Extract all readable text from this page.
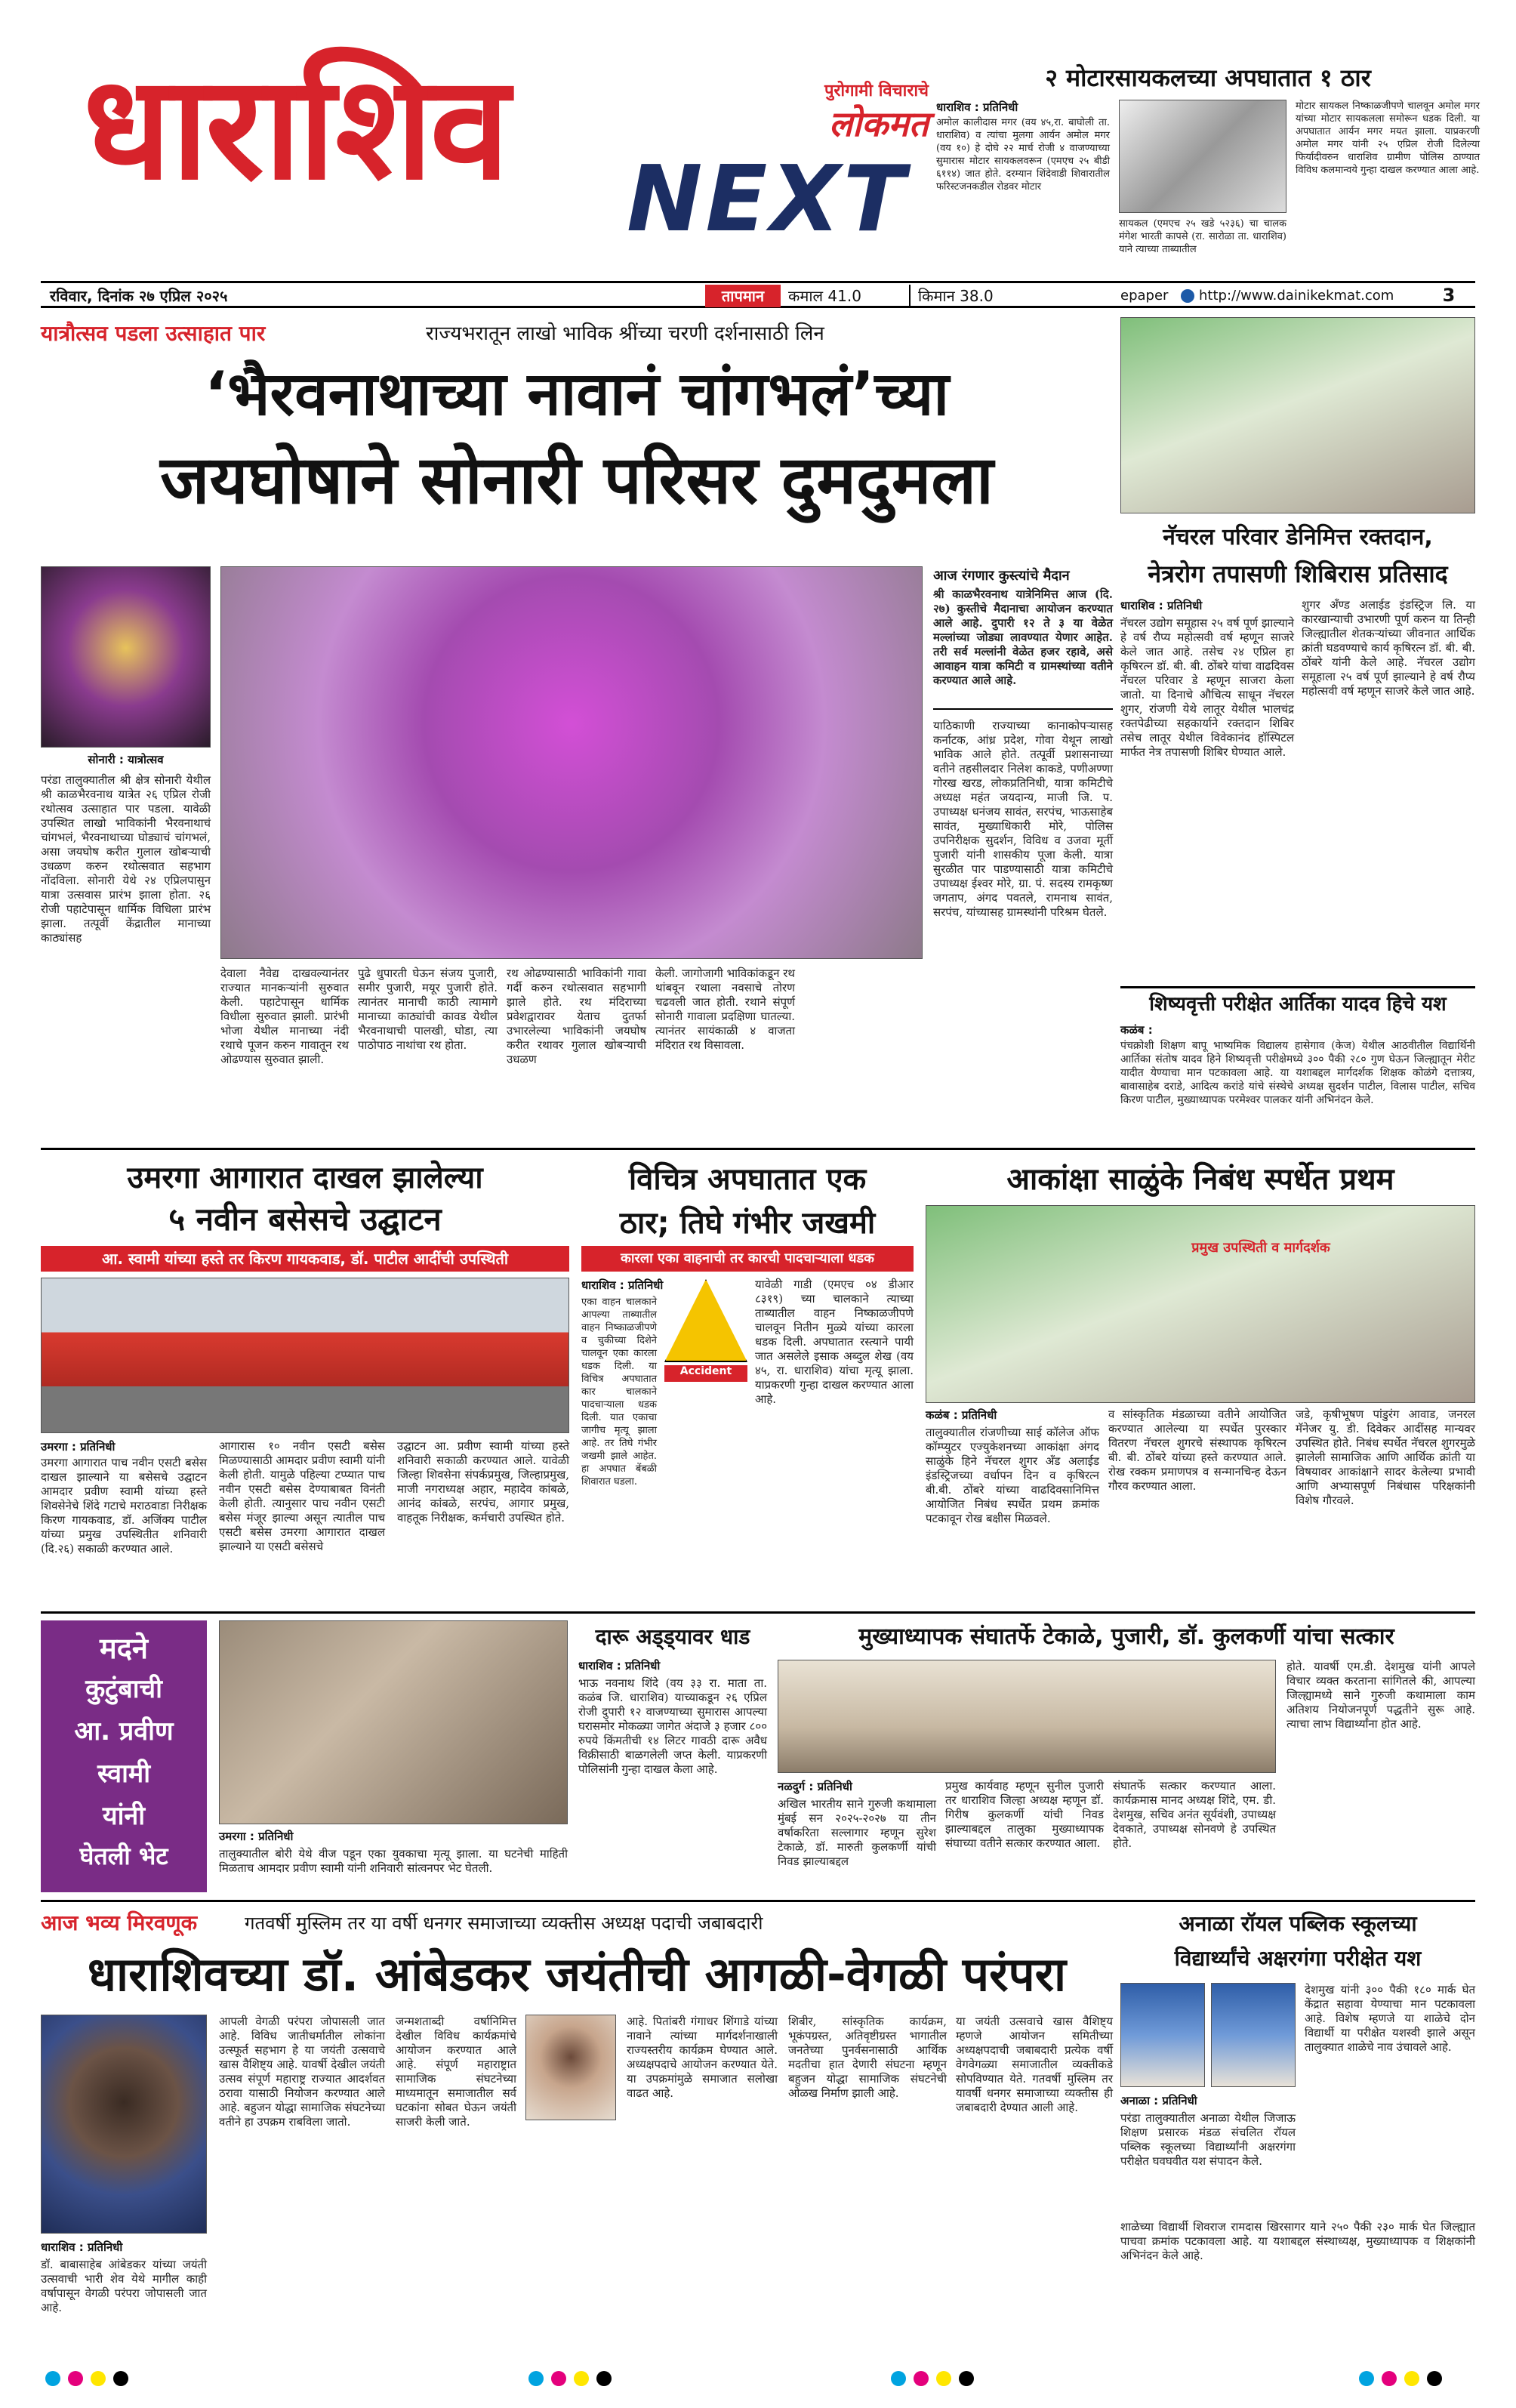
धाराशिव	पुरोगामी विचाराचे
लोकमत
NEXT
रविवार, दिनांक २७ एप्रिल २०२५	तापमान	कमाल 41.0	किमान 38.0	epaper	http://www.dainikekmat.com	3
२ मोटारसायकलच्या अपघातात १ ठार
धाराशिव : प्रतिनिधी
अमोल कालीदास मगर (वय ४५,रा. बाघोली ता. धाराशिव) व त्यांचा मुलगा आर्यन अमोल मगर (वय १०) हे दोघे २२ मार्च रोजी ४ वाजण्याच्या सुमारास मोटार सायकलवरून (एमएच २५ बीडी ६११४) जात होते. दरम्यान शिंदेवाडी शिवारातील फरिस्टजनकडील रोडवर मोटार
सायकल (एमएच २५ खडे ५२३६) चा चालक मंगेश भारती कापसे (रा. सारोळा ता. धाराशिव) याने त्याच्या ताब्यातील
मोटार सायकल निष्काळजीपणे चालवून अमोल मगर यांच्या मोटार सायकलला समोरून धडक दिली. या अपघातात आर्यन मगर मयत झाला. याप्रकरणी अमोल मगर यांनी २५ एप्रिल रोजी दिलेल्या फिर्यादीवरुन धाराशिव ग्रामीण पोलिस ठाण्यात विविध कलमान्वये गुन्हा दाखल करण्यात आला आहे.
यात्रौत्सव पडला उत्साहात पार	राज्यभरातून लाखो भाविक श्रींच्या चरणी दर्शनासाठी लिन
‘भैरवनाथाच्या नावानं चांगभलं’च्या
जयघोषाने सोनारी परिसर दुमदुमला
सोनारी : यात्रोत्सव
परंडा तालुक्यातील श्री क्षेत्र सोनारी येथील श्री काळभैरवनाथ यात्रेत २६ एप्रिल रोजी रथोत्सव उत्साहात पार पडला. यावेळी उपस्थित लाखो भाविकांनी भैरवनाथाचं चांगभलं, भैरवनाथाच्या घोड्याचं चांगभलं, असा जयघोष करीत गुलाल खोबऱ्याची उधळण करुन रथोत्सवात सहभाग नोंदविला. सोनारी येथे २४ एप्रिलपासुन यात्रा उत्सवास प्रारंभ झाला होता. २६ रोजी पहाटेपासून धार्मिक विधिला प्रारंभ झाला. तत्पूर्वी केंद्रातील मानाच्या काठ्यांसह
देवाला नैवेद्य दाखवल्यानंतर राज्यात मानकऱ्यांनी सुरुवात केली. पहाटेपासून धार्मिक विधीला सुरुवात झाली. प्रारंभी भोजा येथील मानाच्या नंदी रथाचे पूजन करुन गावातून रथ ओढण्यास सुरुवात झाली.
पुढे धुपारती घेऊन संजय पुजारी, समीर पुजारी, मयूर पुजारी होते. त्यानंतर मानाची काठी त्यामागे मानाच्या काठ्यांची कावड येथील भैरवनाथाची पालखी, घोडा, त्या पाठोपाठ नाथांचा रथ होता.
रथ ओढण्यासाठी भाविकांनी गावा गर्दी करुन रथोत्सवात सहभागी झाले होते. रथ मंदिराच्या प्रवेशद्वारावर येताच दुतर्फा उभारलेल्या भाविकांनी जयघोष करीत रथावर गुलाल खोबऱ्याची उधळण
केली. जागोजागी भाविकांकडून रथ थांबवून रथाला नवसाचे तोरण चढवली जात होती. रथाने संपूर्ण सोनारी गावाला प्रदक्षिणा घातल्या. त्यानंतर सायंकाळी ४ वाजता मंदिरात रथ विसावला.
आज रंगणार कुस्त्यांचे मैदान
श्री काळभैरवनाथ यात्रेनिमित्त आज (दि. २७) कुस्तीचे मैदानाचा आयोजन करण्यात आले आहे. दुपारी १२ ते ३ या वेळेत मल्लांच्या जोड्या लावण्यात येणार आहेत. तरी सर्व मल्लांनी वेळेत हजर रहावे, असे आवाहन यात्रा कमिटी व ग्रामस्थांच्या वतीने करण्यात आले आहे.
याठिकाणी राज्याच्या कानाकोपऱ्यासह कर्नाटक, आंध्र प्रदेश, गोवा येथून लाखो भाविक आले होते. तत्पूर्वी प्रशासनाच्या वतीने तहसीलदार निलेश काकडे, पणीअण्णा गोरख खरड, लोकप्रतिनिधी, यात्रा कमिटीचे अध्यक्ष महंत जयदान्य, माजी जि. प. उपाध्यक्ष धनंजय सावंत, सरपंच, भाऊसाहेब सावंत, मुख्याधिकारी मोरे, पोलिस उपनिरीक्षक सुदर्शन, विविध व उजवा मूर्ती पुजारी यांनी शासकीय पूजा केली. यात्रा सुरळीत पार पाडण्यासाठी यात्रा कमिटीचे उपाध्यक्ष ईश्वर मोरे, ग्रा. पं. सदस्य रामकृष्ण जगताप, अंगद पवतले, रामनाथ सावंत, सरपंच, यांच्यासह ग्रामस्थांनी परिश्रम घेतले.
नॅचरल परिवार डेनिमित्त रक्तदान,
नेत्ररोग तपासणी शिबिरास प्रतिसाद
धाराशिव : प्रतिनिधी
नॅचरल उद्योग समूहास २५ वर्ष पूर्ण झाल्याने हे वर्ष रौप्य महोत्सवी वर्ष म्हणून साजरे केले जात आहे. तसेच २४ एप्रिल हा कृषिरत्न डॉ. बी. बी. ठोंबरे यांचा वाढदिवस नॅचरल परिवार डे म्हणून साजरा केला जातो. या दिनाचे औचित्य साधून नॅचरल शुगर, रांजणी येथे लातूर येथील भालचंद्र रक्तपेढीच्या सहकार्याने रक्तदान शिबिर तसेच लातूर येथील विवेकानंद हॉस्पिटल मार्फत नेत्र तपासणी शिबिर घेण्यात आले.
शुगर अँण्ड अलाईड इंडस्ट्रिज लि. या कारखान्याची उभारणी पूर्ण करुन या तिन्ही जिल्ह्यातील शेतकऱ्यांच्या जीवनात आर्थिक क्रांती घडवण्याचे कार्य कृषिरत्न डॉ. बी. बी. ठोंबरे यांनी केले आहे. नॅचरल उद्योग समूहाला २५ वर्ष पूर्ण झाल्याने हे वर्ष रौप्य महोत्सवी वर्ष म्हणून साजरे केले जात आहे.
शिष्यवृत्ती परीक्षेत आर्तिका यादव हिचे यश
कळंब :
पंचक्रोशी शिक्षण बापू भाष्यमिक विद्यालय हासेगाव (केज) येथील आठवीतील विद्यार्थिनी आर्तिका संतोष यादव हिने शिष्यवृत्ती परीक्षेमध्ये ३०० पैकी २८० गुण घेऊन जिल्ह्यातून मेरीट यादीत येण्याचा मान पटकावला आहे. या यशाबद्दल मार्गदर्शक शिक्षक कोळंगे दत्तात्रय, बावासाहेब दराडे, आदित्य करांडे यांचे संस्थेचे अध्यक्ष सुदर्शन पाटील, विलास पाटील, सचिव किरण पाटील, मुख्याध्यापक परमेश्वर पालकर यांनी अभिनंदन केले.
उमरगा आगारात दाखल झालेल्या
५ नवीन बसेसचे उद्घाटन
आ. स्वामी यांच्या हस्ते तर किरण गायकवाड, डॉ. पाटील आदींची उपस्थिती
उमरगा : प्रतिनिधी
उमरगा आगारात पाच नवीन एसटी बसेस दाखल झाल्याने या बसेसचे उद्घाटन आमदार प्रवीण स्वामी यांच्या हस्ते शिवसेनेचे शिंदे गटाचे मराठवाडा निरीक्षक किरण गायकवाड, डॉ. अजिंक्य पाटील यांच्या प्रमुख उपस्थितीत शनिवारी (दि.२६) सकाळी करण्यात आले.
आगारास १० नवीन एसटी बसेस मिळण्यासाठी आमदार प्रवीण स्वामी यांनी केली होती. यामुळे पहिल्या टप्प्यात पाच नवीन एसटी बसेस देण्याबाबत विनंती केली होती. त्यानुसार पाच नवीन एसटी बसेस मंजूर झाल्या असून त्यातील पाच एसटी बसेस उमरगा आगारात दाखल झाल्याने या एसटी बसेसचे
उद्घाटन आ. प्रवीण स्वामी यांच्या हस्ते शनिवारी सकाळी करण्यात आले. यावेळी जिल्हा शिवसेना संपर्कप्रमुख, जिल्हाप्रमुख, माजी नगराध्यक्ष अहार, महादेव कांबळे, आनंद कांबळे, सरपंच, आगार प्रमुख, वाहतूक निरीक्षक, कर्मचारी उपस्थित होते.
विचित्र अपघातात एक
ठार; तिघे गंभीर जखमी
कारला एका वाहनाची तर कारची पादचाऱ्याला धडक
धाराशिव : प्रतिनिधी
एका वाहन चालकाने आपल्या ताब्यातील वाहन निष्काळजीपणे व चुकीच्या दिशेने चालवून एका कारला धडक दिली. या विचित्र अपघातात कार चालकाने पादचाऱ्याला धडक दिली. यात एकाचा जागीच मृत्यू झाला आहे. तर तिघे गंभीर जखमी झाले आहेत. हा अपघात बेंबळी शिवारात घडला.
Accident
यावेळी गाडी (एमएच ०४ डीआर ८३१९) च्या चालकाने त्याच्या ताब्यातील वाहन निष्काळजीपणे चालवून नितीन मुळ्ये यांच्या कारला धडक दिली. अपघातात रस्त्याने पायी जात असलेले इसाक अब्दुल शेख (वय ४५, रा. धाराशिव) यांचा मृत्यू झाला. याप्रकरणी गुन्हा दाखल करण्यात आला आहे.
आकांक्षा साळुंके निबंध स्पर्धेत प्रथम
प्रमुख उपस्थिती व मार्गदर्शक
कळंब : प्रतिनिधी
तालुक्यातील रांजणीच्या साई कॉलेज ऑफ कॉम्प्युटर एज्युकेशनच्या आकांक्षा अंगद साळुंके हिने नॅचरल शुगर अँड अलाईड इंडस्ट्रिजच्या वर्धापन दिन व कृषिरत्न बी.बी. ठोंबरे यांच्या वाढदिवसानिमित्त आयोजित निबंध स्पर्धेत प्रथम क्रमांक पटकावून रोख बक्षीस मिळवले.
व सांस्कृतिक मंडळाच्या वतीने आयोजित करण्यात आलेल्या या स्पर्धेत पुरस्कार वितरण नॅचरल शुगरचे संस्थापक कृषिरत्न बी. बी. ठोंबरे यांच्या हस्ते करण्यात आले. रोख रक्कम प्रमाणपत्र व सन्मानचिन्ह देऊन गौरव करण्यात आला.
जडे, कृषीभूषण पांडुरंग आवाड, जनरल मॅनेजर यु. डी. दिवेकर आदींसह मान्यवर उपस्थित होते. निबंध स्पर्धेत नॅचरल शुगरमुळे झालेली सामाजिक आणि आर्थिक क्रांती या विषयावर आकांक्षाने सादर केलेल्या प्रभावी आणि अभ्यासपूर्ण निबंधास परिक्षकांनी विशेष गौरवले.
मदने
कुटुंबाची
आ. प्रवीण
स्वामी
यांनी
घेतली भेट
उमरगा : प्रतिनिधी
तालुक्यातील बोरी येथे वीज पडून एका युवकाचा मृत्यू झाला. या घटनेची माहिती मिळताच आमदार प्रवीण स्वामी यांनी शनिवारी सांत्वनपर भेट घेतली.
दारू अड्ड्यावर धाड
धाराशिव : प्रतिनिधी
भाऊ नवनाथ शिंदे (वय ३३ रा. माता ता. कळंब जि. धाराशिव) याच्याकडून २६ एप्रिल रोजी दुपारी १२ वाजण्याच्या सुमारास आपल्या घरासमोर मोकळ्या जागेत अंदाजे ३ हजार ८०० रुपये किंमतीची १४ लिटर गावठी दारू अवैध विक्रीसाठी बाळगलेली जप्त केली. याप्रकरणी पोलिसांनी गुन्हा दाखल केला आहे.
मुख्याध्यापक संघातर्फे टेकाळे, पुजारी, डॉ. कुलकर्णी यांचा सत्कार
नळदुर्ग : प्रतिनिधी
अखिल भारतीय साने गुरुजी कथामाला मुंबई सन २०२५-२०२७ या तीन वर्षाकरिता सल्लागार म्हणून सुरेश टेकाळे, डॉ. मारुती कुलकर्णी यांची निवड झाल्याबद्दल
प्रमुख कार्यवाह म्हणून सुनील पुजारी तर धाराशिव जिल्हा अध्यक्ष म्हणून डॉ. गिरीष कुलकर्णी यांची निवड झाल्याबद्दल तालुका मुख्याध्यापक संघाच्या वतीने सत्कार करण्यात आला.
संघातर्फे सत्कार करण्यात आला. कार्यक्रमास मानद अध्यक्ष शिंदे, एम. डी. देशमुख, सचिव अनंत सूर्यवंशी, उपाध्यक्ष देवकाते, उपाध्यक्ष सोनवणे हे उपस्थित होते.
होते. यावर्षी एम.डी. देशमुख यांनी आपले विचार व्यक्त करताना सांगितले की, आपल्या जिल्ह्यामध्ये साने गुरुजी कथामाला काम अतिशय नियोजनपूर्ण पद्धतीने सुरू आहे. त्याचा लाभ विद्यार्थ्यांना होत आहे.
आज भव्य मिरवणूक	गतवर्षी मुस्लिम तर या वर्षी धनगर समाजाच्या व्यक्तीस अध्यक्ष पदाची जबाबदारी
धाराशिवच्या डॉ. आंबेडकर जयंतीची आगळी-वेगळी परंपरा
धाराशिव : प्रतिनिधी
डॉ. बाबासाहेब आंबेडकर यांच्या जयंती उत्सवाची भारी शेव येथे मागील काही वर्षापासून वेगळी परंपरा जोपासली जात आहे.
आपली वेगळी परंपरा जोपासली जात आहे. विविध जातीधर्मातील लोकांना उत्स्फूर्त सहभाग हे या जयंती उत्सवाचे खास वैशिष्ट्य आहे. यावर्षी देखील जयंती उत्सव संपूर्ण महाराष्ट्र राज्यात आदर्शवत ठरावा यासाठी नियोजन करण्यात आले आहे. बहुजन योद्धा सामाजिक संघटनेच्या वतीने हा उपक्रम राबविला जातो.
जन्मशताब्दी वर्षानिमित्त देखील विविध कार्यक्रमांचे आयोजन करण्यात आले आहे. संपूर्ण महाराष्ट्रात सामाजिक संघटनेच्या माध्यमातून समाजातील सर्व घटकांना सोबत घेऊन जयंती साजरी केली जाते.
आहे. पितांबरी गंगाधर शिंगाडे यांच्या नावाने त्यांच्या मार्गदर्शनाखाली राज्यस्तरीय कार्यक्रम घेण्यात आले. अध्यक्षपदाचे आयोजन करण्यात येते. या उपक्रमांमुळे समाजात सलोखा वाढत आहे.
शिबीर, सांस्कृतिक कार्यक्रम, भूकंपग्रस्त, अतिवृष्टीग्रस्त भागातील जनतेच्या पुनर्वसनासाठी आर्थिक मदतीचा हात देणारी संघटना म्हणून बहुजन योद्धा सामाजिक संघटनेची ओळख निर्माण झाली आहे.
या जयंती उत्सवाचे खास वैशिष्ट्य म्हणजे आयोजन समितीच्या अध्यक्षपदाची जबाबदारी प्रत्येक वर्षी वेगवेगळ्या समाजातील व्यक्तीकडे सोपविण्यात येते. गतवर्षी मुस्लिम तर यावर्षी धनगर समाजाच्या व्यक्तीस ही जबाबदारी देण्यात आली आहे.
अनाळा रॉयल पब्लिक स्कूलच्या
विद्यार्थ्यांचे अक्षरगंगा परीक्षेत यश
देशमुख यांनी ३०० पैकी १८० मार्क घेत केंद्रात सहावा येण्याचा मान पटकावला आहे. विशेष म्हणजे या शाळेचे दोन विद्यार्थी या परीक्षेत यशस्वी झाले असून तालुक्यात शाळेचे नाव उंचावले आहे.
अनाळा : प्रतिनिधी
परंडा तालुक्यातील अनाळा येथील जिजाऊ शिक्षण प्रसारक मंडळ संचलित रॉयल पब्लिक स्कूलच्या विद्यार्थ्यांनी अक्षरगंगा परीक्षेत घवघवीत यश संपादन केले.
शाळेच्या विद्यार्थी शिवराज रामदास खिरसागर याने २५० पैकी २३० मार्क घेत जिल्ह्यात पाचवा क्रमांक पटकावला आहे. या यशाबद्दल संस्थाध्यक्ष, मुख्याध्यापक व शिक्षकांनी अभिनंदन केले आहे.
